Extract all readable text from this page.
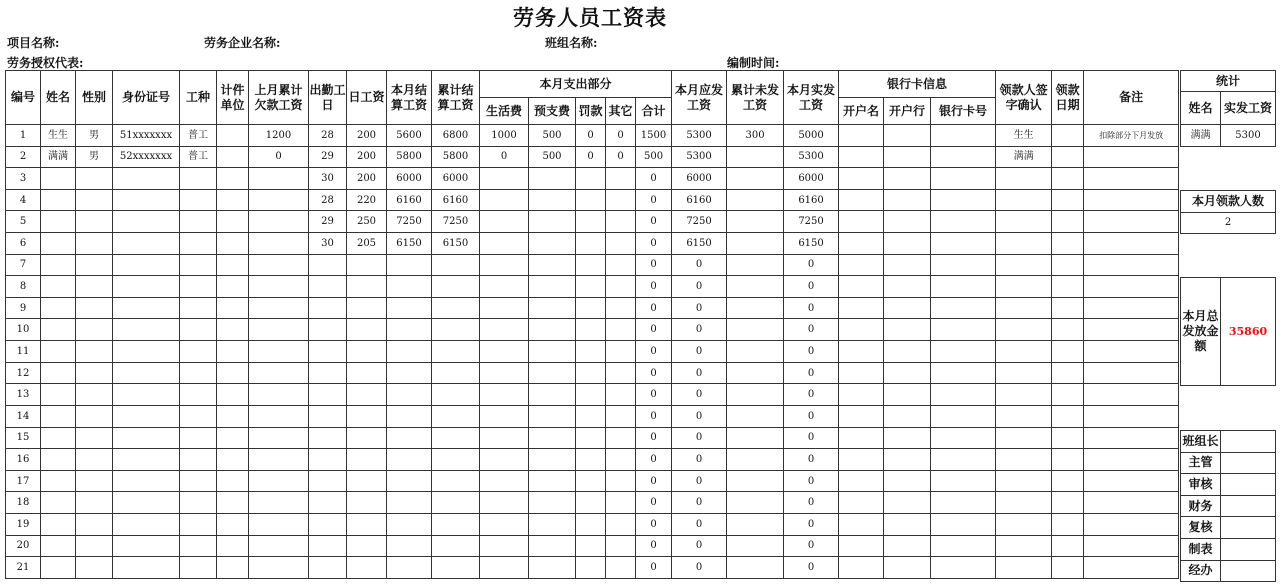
劳务人员工资表
项目名称:	劳务企业名称:	班组名称:
劳务授权代表:	编制时间:
编号	姓名	性别	身份证号	工种	计件单位	上月累计欠款工资	出勤工日	日工资	本月结算工资	累计结算工资	本月支出部分					本月应发工资	累计未发工资	本月实发工资	银行卡信息			领款人签字确认	领款日期	备注
											生活费	预支费	罚款	其它	合计				开户名	开户行	银行卡号			
1	生生	男	51xxxxxxx	普工		1200	28	200	5600	6800	1000	500	0	0	1500	5300	300	5000				生生		扣除部分下月发放
2	满满	男	52xxxxxxx	普工		0	29	200	5800	5800	0	500	0	0	500	5300		5300				满满		
3							30	200	6000	6000					0	6000		6000						
4							28	220	6160	6160					0	6160		6160						
5							29	250	7250	7250					0	7250		7250						
6							30	205	6150	6150					0	6150		6150						
7															0	0		0						
8															0	0		0						
9															0	0		0						
10															0	0		0						
11															0	0		0						
12															0	0		0						
13															0	0		0						
14															0	0		0						
15															0	0		0						
16															0	0		0						
17															0	0		0						
18															0	0		0						
19															0	0		0						
20															0	0		0						
21															0	0		0						
统计	
姓名	实发工资
满满	5300
本月领款人数
2
本月总发放金额	35860
班组长	
主管	
审核	
财务	
复核	
制表	
经办	
